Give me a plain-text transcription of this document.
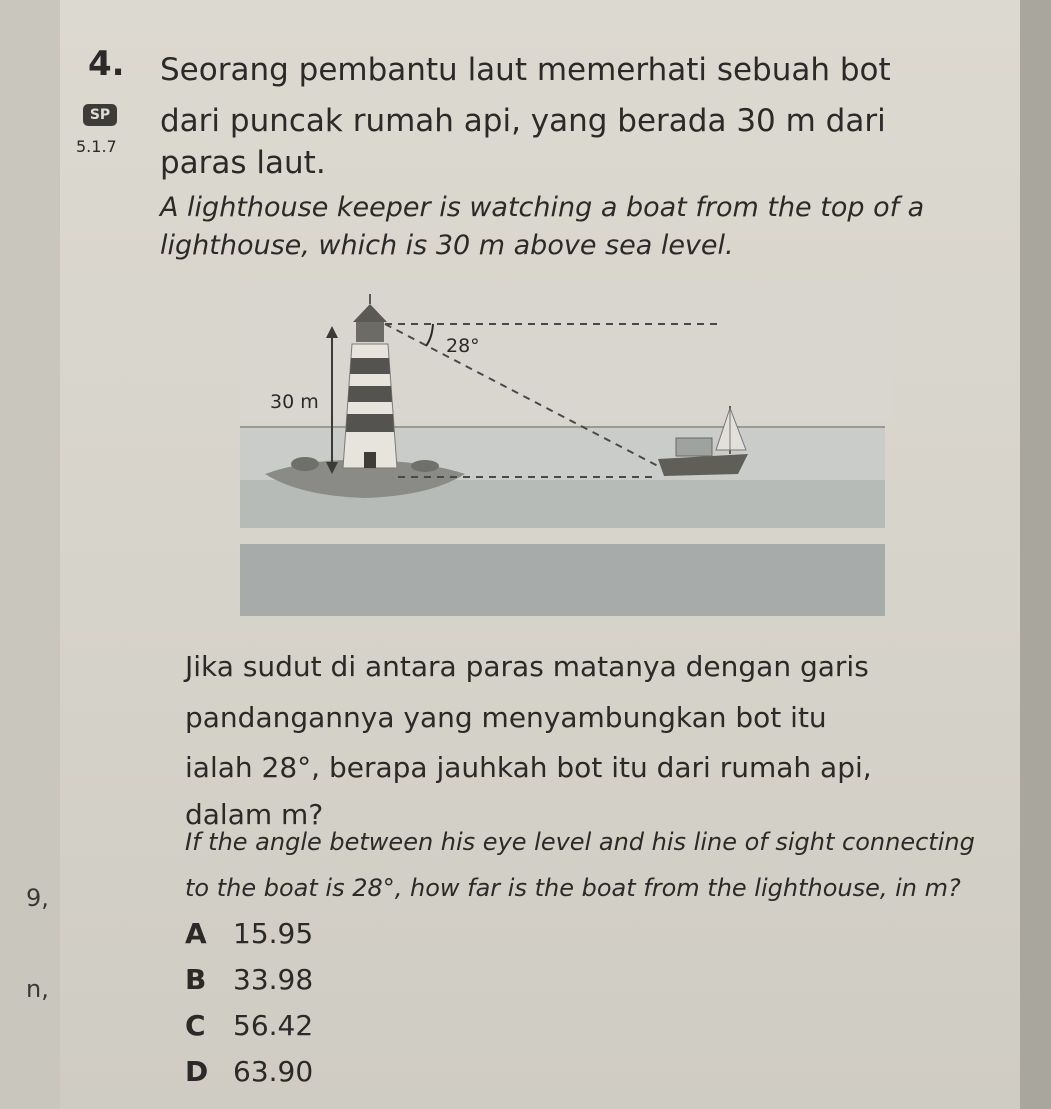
9,
n,
4.
SP
5.1.7
Seorang pembantu laut memerhati sebuah bot
dari puncak rumah api, yang berada 30 m dari
paras laut.
A lighthouse keeper is watching a boat from the top of a
lighthouse, which is 30 m above sea level.
30 m
28°
Jika sudut di antara paras matanya dengan garis
pandangannya yang menyambungkan bot itu
ialah 28°, berapa jauhkah bot itu dari rumah api,
dalam m?
If the angle between his eye level and his line of sight connecting
to the boat is 28°, how far is the boat from the lighthouse, in m?
A 15.95
B 33.98
C 56.42
D 63.90
